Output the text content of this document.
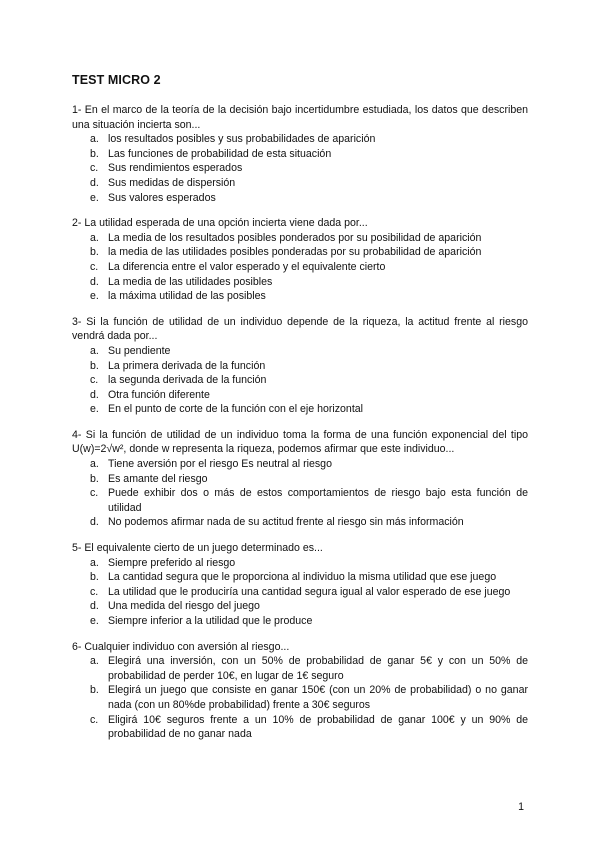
TEST MICRO 2
1- En el marco de la teoría de la decisión bajo incertidumbre estudiada, los datos que describen una situación incierta son...
a. los resultados posibles y sus probabilidades de aparición
b. Las funciones de probabilidad de esta situación
c. Sus rendimientos esperados
d. Sus medidas de dispersión
e. Sus valores esperados
2- La utilidad esperada de una opción incierta viene dada por...
a. La media de los resultados posibles ponderados por su posibilidad de aparición
b. la media de las utilidades posibles ponderadas por su probabilidad de aparición
c. La diferencia entre el valor esperado y el equivalente cierto
d. La media de las utilidades posibles
e. la máxima utilidad de las posibles
3- Si la función de utilidad de un individuo depende de la riqueza, la actitud frente al riesgo vendrá dada por...
a. Su pendiente
b. La primera derivada de la función
c. la segunda derivada de la función
d. Otra función diferente
e. En el punto de corte de la función con el eje horizontal
4- Si la función de utilidad de un individuo toma la forma de una función exponencial del tipo U(w)=2√w², donde w representa la riqueza, podemos afirmar que este individuo...
a. Tiene aversión por el riesgo Es neutral al riesgo
b. Es amante del riesgo
c. Puede exhibir dos o más de estos comportamientos de riesgo bajo esta función de utilidad
d. No podemos afirmar nada de su actitud frente al riesgo sin más información
5- El equivalente cierto de un juego determinado es...
a. Siempre preferido al riesgo
b. La cantidad segura que le proporciona al individuo la misma utilidad que ese juego
c. La utilidad que le produciría una cantidad segura igual al valor esperado de ese juego
d. Una medida del riesgo del juego
e. Siempre inferior a la utilidad que le produce
6- Cualquier individuo con aversión al riesgo...
a. Elegirá una inversión, con un 50% de probabilidad de ganar 5€ y con un 50% de probabilidad de perder 10€, en lugar de 1€ seguro
b. Elegirá un juego que consiste en ganar 150€ (con un 20% de probabilidad) o no ganar nada (con un 80%de probabilidad) frente a 30€ seguros
c. Eligirá 10€ seguros frente a un 10% de probabilidad de ganar 100€ y un 90% de probabilidad de no ganar nada
1
